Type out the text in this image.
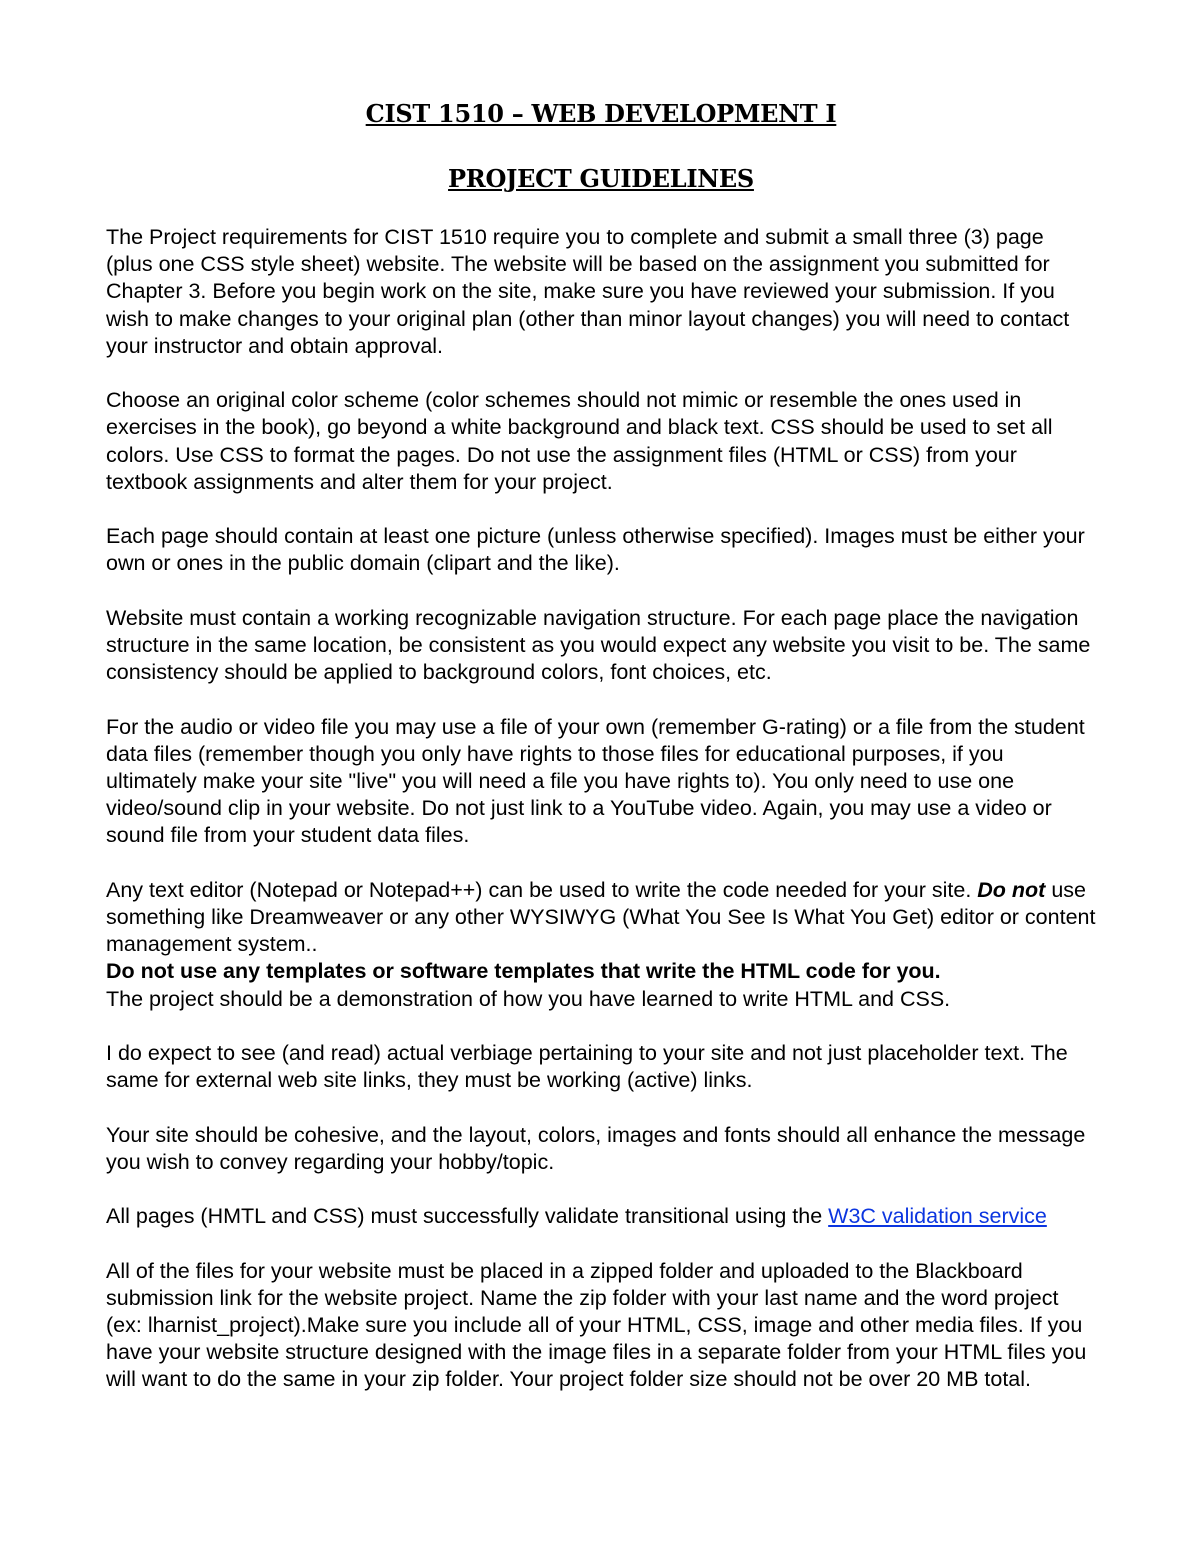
CIST 1510 – WEB DEVELOPMENT I
PROJECT GUIDELINES

The Project requirements for CIST 1510 require you to complete and submit a small three (3) page (plus one CSS style sheet) website. The website will be based on the assignment you submitted for Chapter 3. Before you begin work on the site, make sure you have reviewed your submission. If you wish to make changes to your original plan (other than minor layout changes) you will need to contact your instructor and obtain approval.

Choose an original color scheme (color schemes should not mimic or resemble the ones used in exercises in the book), go beyond a white background and black text. CSS should be used to set all colors. Use CSS to format the pages. Do not use the assignment files (HTML or CSS) from your textbook assignments and alter them for your project.

Each page should contain at least one picture (unless otherwise specified). Images must be either your own or ones in the public domain (clipart and the like).

Website must contain a working recognizable navigation structure. For each page place the navigation structure in the same location, be consistent as you would expect any website you visit to be. The same consistency should be applied to background colors, font choices, etc.

For the audio or video file you may use a file of your own (remember G-rating) or a file from the student data files (remember though you only have rights to those files for educational purposes, if you ultimately make your site "live" you will need a file you have rights to). You only need to use one video/sound clip in your website. Do not just link to a YouTube video. Again, you may use a video or sound file from your student data files.

Any text editor (Notepad or Notepad++) can be used to write the code needed for your site. Do not use something like Dreamweaver or any other WYSIWYG (What You See Is What You Get) editor or content management system..

Do not use any templates or software templates that write the HTML code for you.

The project should be a demonstration of how you have learned to write HTML and CSS.

I do expect to see (and read) actual verbiage pertaining to your site and not just placeholder text. The same for external web site links, they must be working (active) links.

Your site should be cohesive, and the layout, colors, images and fonts should all enhance the message you wish to convey regarding your hobby/topic.

All pages (HMTL and CSS) must successfully validate transitional using the W3C validation service

All of the files for your website must be placed in a zipped folder and uploaded to the Blackboard submission link for the website project. Name the zip folder with your last name and the word project (ex: lharnist_project).Make sure you include all of your HTML, CSS, image and other media files. If you have your website structure designed with the image files in a separate folder from your HTML files you will want to do the same in your zip folder. Your project folder size should not be over 20 MB total.
